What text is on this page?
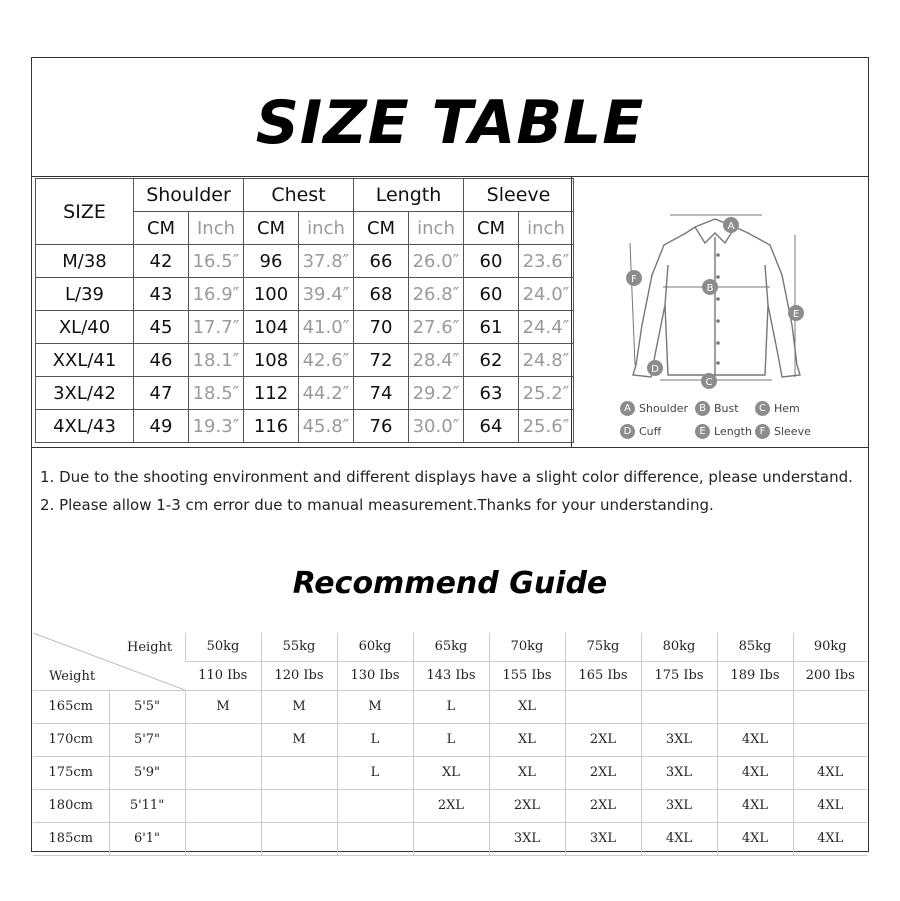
SIZE TABLE
SIZE	Shoulder		Chest		Length		Sleeve	
	CM	Inch	CM	inch	CM	inch	CM	inch
M/38	42	16.5″	96	37.8″	66	26.0″	60	23.6″
L/39	43	16.9″	100	39.4″	68	26.8″	60	24.0″
XL/40	45	17.7″	104	41.0″	70	27.6″	61	24.4″
XXL/41	46	18.1″	108	42.6″	72	28.4″	62	24.8″
3XL/42	47	18.5″	112	44.2″	74	29.2″	63	25.2″
4XL/43	49	19.3″	116	45.8″	76	30.0″	64	25.6″
A
B
C
D
E
F
A Shoulder	B Bust	C Hem
D Cuff	E Length F Sleeve
1. Due to the shooting environment and different displays have a slight color difference, please understand.
2. Please allow 1-3 cm error due to manual measurement.Thanks for your understanding.
Recommend Guide
Height
Weight		50kg	55kg	60kg	65kg	70kg	75kg	80kg	85kg	90kg
		110 Ibs	120 Ibs	130 Ibs	143 Ibs	155 Ibs	165 Ibs	175 Ibs	189 Ibs	200 Ibs
165cm	5'5"	M	M	M	L	XL				
170cm	5'7"		M	L	L	XL	2XL	3XL	4XL	
175cm	5'9"			L	XL	XL	2XL	3XL	4XL	4XL
180cm	5'11"				2XL	2XL	2XL	3XL	4XL	4XL
185cm	6'1"					3XL	3XL	4XL	4XL	4XL
